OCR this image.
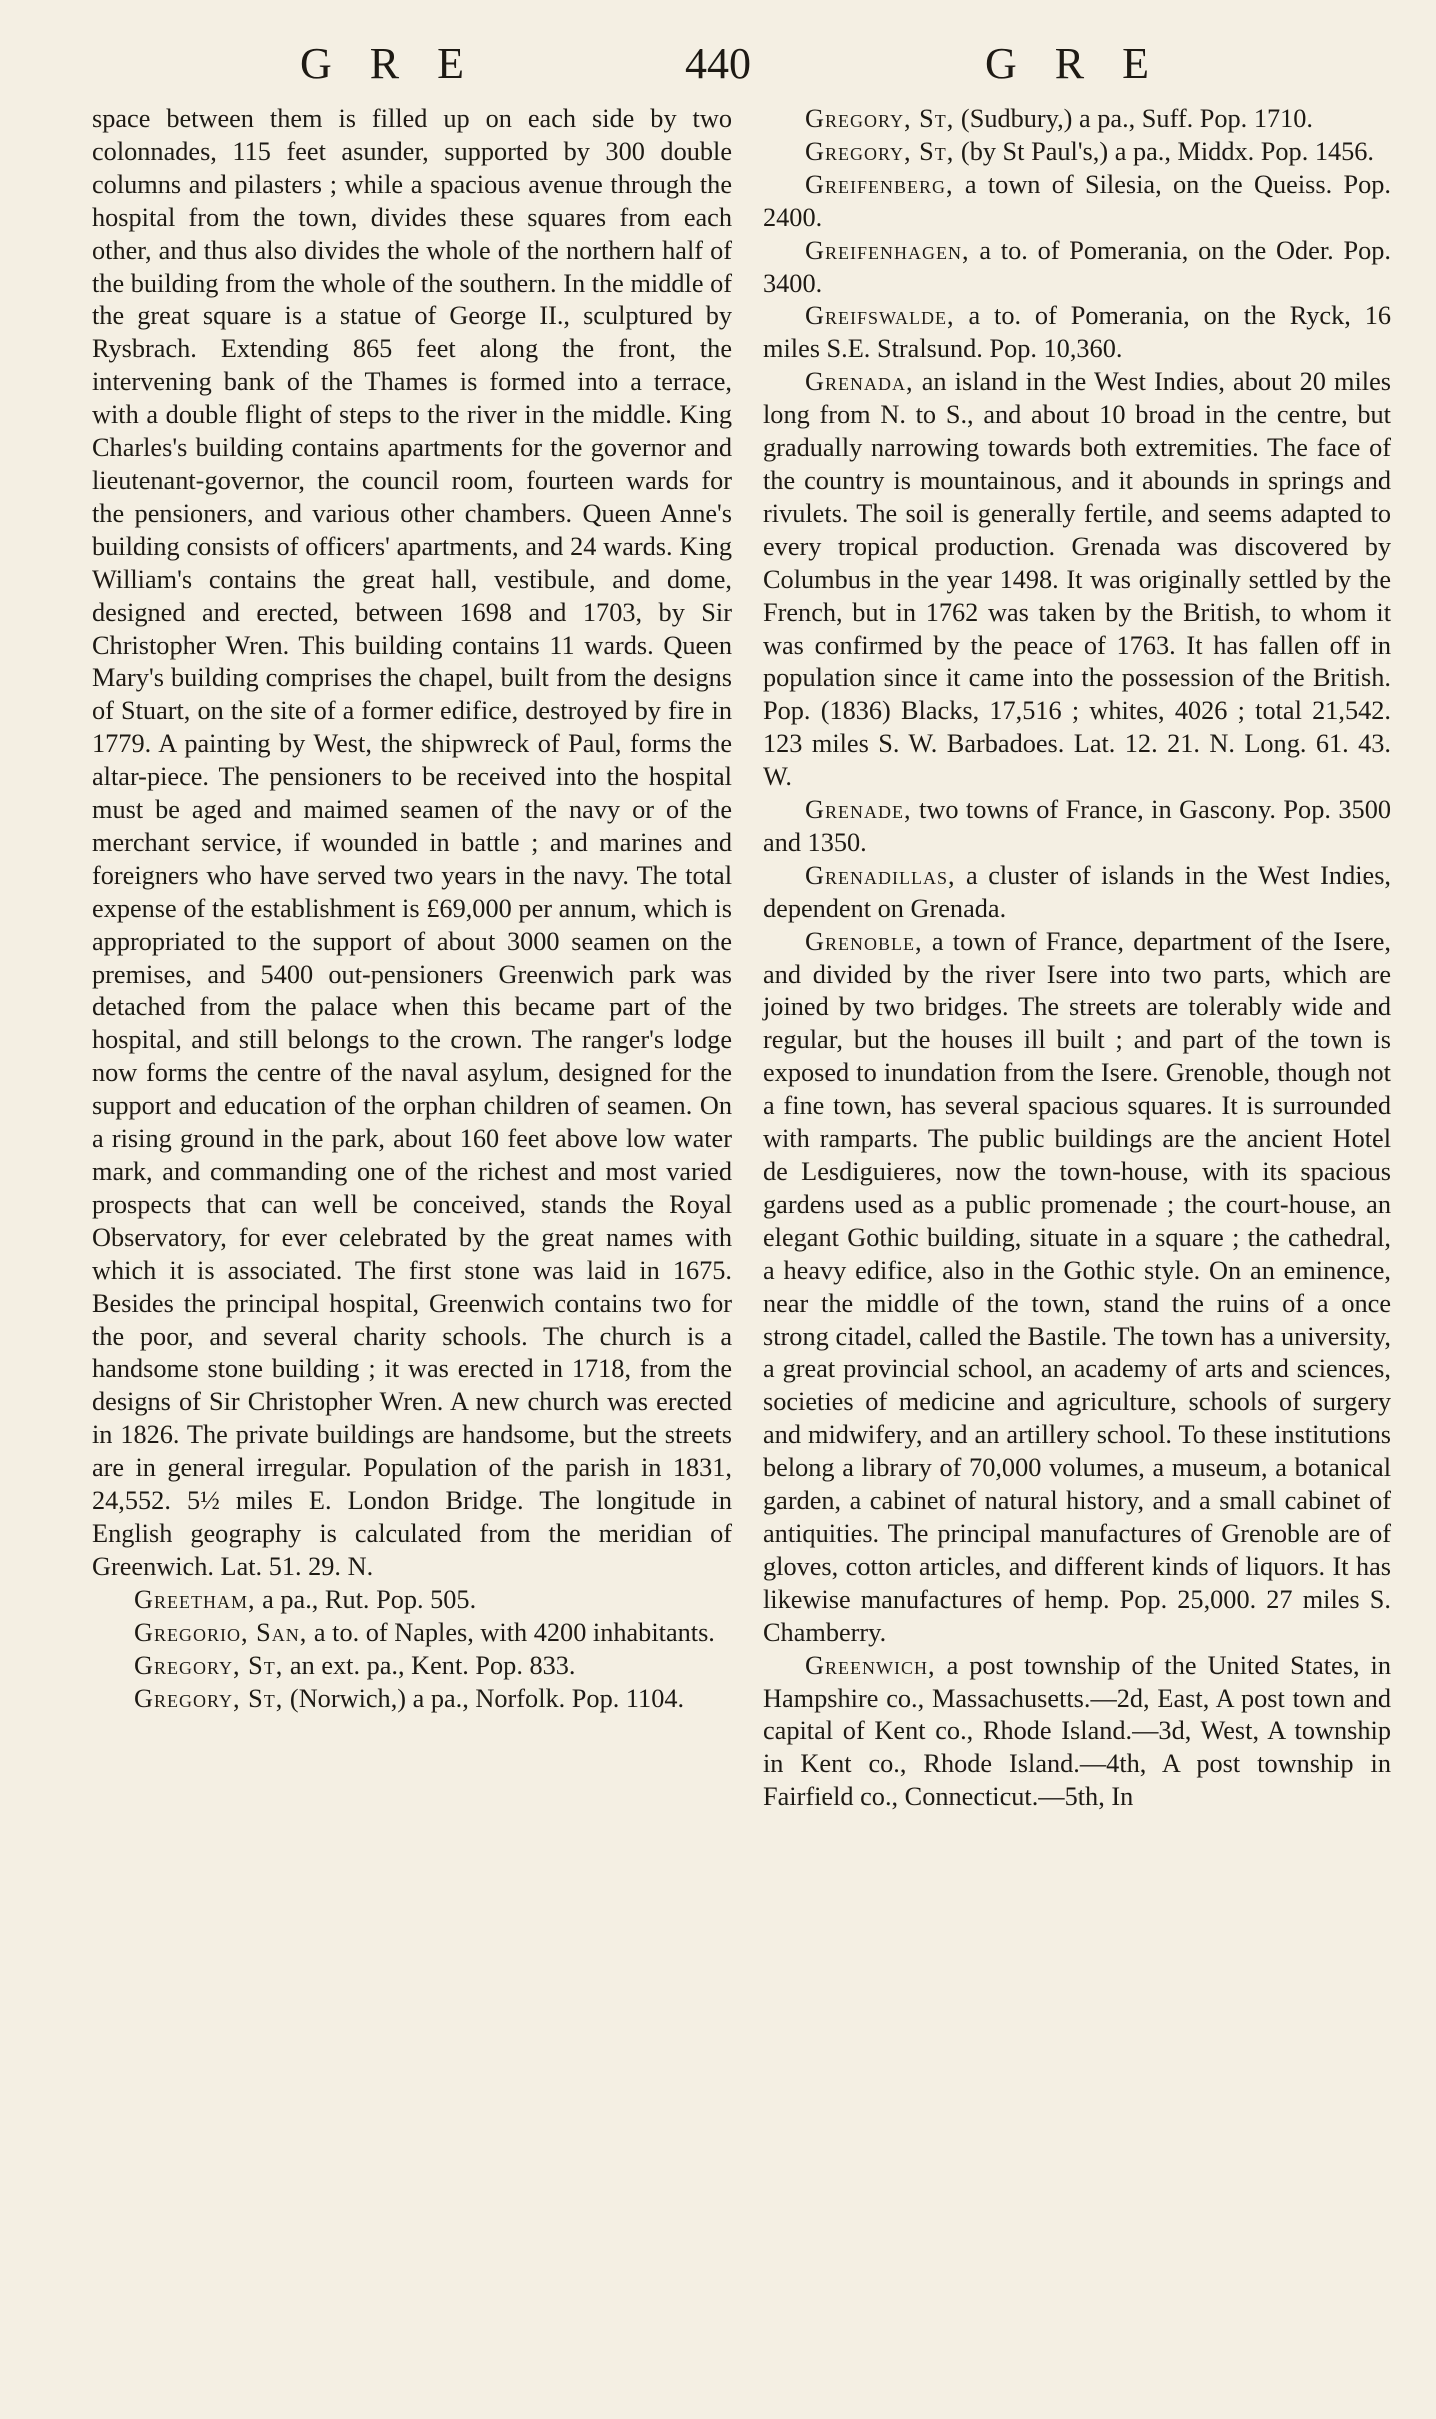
GRE	440	GRE

space between them is filled up on each side by two colonnades, 115 feet asunder, supported by 300 double columns and pilasters ; while a spacious avenue through the hospital from the town, divides these squares from each other, and thus also divides the whole of the northern half of the building from the whole of the southern. In the middle of the great square is a statue of George II., sculptured by Rysbrach. Extending 865 feet along the front, the intervening bank of the Thames is formed into a terrace, with a double flight of steps to the river in the middle. King Charles's building contains apartments for the governor and lieutenant-governor, the council room, fourteen wards for the pensioners, and various other chambers. Queen Anne's building consists of officers' apartments, and 24 wards. King William's contains the great hall, vestibule, and dome, designed and erected, between 1698 and 1703, by Sir Christopher Wren. This building contains 11 wards. Queen Mary's building comprises the chapel, built from the designs of Stuart, on the site of a former edifice, destroyed by fire in 1779. A painting by West, the shipwreck of Paul, forms the altar-piece. The pensioners to be received into the hospital must be aged and maimed seamen of the navy or of the merchant service, if wounded in battle ; and marines and foreigners who have served two years in the navy. The total expense of the establishment is £69,000 per annum, which is appropriated to the support of about 3000 seamen on the premises, and 5400 out-pensioners Greenwich park was detached from the palace when this became part of the hospital, and still belongs to the crown. The ranger's lodge now forms the centre of the naval asylum, designed for the support and education of the orphan children of seamen. On a rising ground in the park, about 160 feet above low water mark, and commanding one of the richest and most varied prospects that can well be conceived, stands the Royal Observatory, for ever celebrated by the great names with which it is associated. The first stone was laid in 1675. Besides the principal hospital, Greenwich contains two for the poor, and several charity schools. The church is a handsome stone building ; it was erected in 1718, from the designs of Sir Christopher Wren. A new church was erected in 1826. The private buildings are handsome, but the streets are in general irregular. Population of the parish in 1831, 24,552. 5½ miles E. London Bridge. The longitude in English geography is calculated from the meridian of Greenwich. Lat. 51. 29. N.

Greetham, a pa., Rut. Pop. 505.

Gregorio, San, a to. of Naples, with 4200 inhabitants.

Gregory, St, an ext. pa., Kent. Pop. 833.

Gregory, St, (Norwich,) a pa., Norfolk. Pop. 1104.

Gregory, St, (Sudbury,) a pa., Suff. Pop. 1710.

Gregory, St, (by St Paul's,) a pa., Middx. Pop. 1456.

Greifenberg, a town of Silesia, on the Queiss. Pop. 2400.

Greifenhagen, a to. of Pomerania, on the Oder. Pop. 3400.

Greifswalde, a to. of Pomerania, on the Ryck, 16 miles S.E. Stralsund. Pop. 10,360.

Grenada, an island in the West Indies, about 20 miles long from N. to S., and about 10 broad in the centre, but gradually narrowing towards both extremities. The face of the country is mountainous, and it abounds in springs and rivulets. The soil is generally fertile, and seems adapted to every tropical production. Grenada was discovered by Columbus in the year 1498. It was originally settled by the French, but in 1762 was taken by the British, to whom it was confirmed by the peace of 1763. It has fallen off in population since it came into the possession of the British. Pop. (1836) Blacks, 17,516 ; whites, 4026 ; total 21,542. 123 miles S. W. Barbadoes. Lat. 12. 21. N. Long. 61. 43. W.

Grenade, two towns of France, in Gascony. Pop. 3500 and 1350.

Grenadillas, a cluster of islands in the West Indies, dependent on Grenada.

Grenoble, a town of France, department of the Isere, and divided by the river Isere into two parts, which are joined by two bridges. The streets are tolerably wide and regular, but the houses ill built ; and part of the town is exposed to inundation from the Isere. Grenoble, though not a fine town, has several spacious squares. It is surrounded with ramparts. The public buildings are the ancient Hotel de Lesdiguieres, now the town-house, with its spacious gardens used as a public promenade ; the court-house, an elegant Gothic building, situate in a square ; the cathedral, a heavy edifice, also in the Gothic style. On an eminence, near the middle of the town, stand the ruins of a once strong citadel, called the Bastile. The town has a university, a great provincial school, an academy of arts and sciences, societies of medicine and agriculture, schools of surgery and midwifery, and an artillery school. To these institutions belong a library of 70,000 volumes, a museum, a botanical garden, a cabinet of natural history, and a small cabinet of antiquities. The principal manufactures of Grenoble are of gloves, cotton articles, and different kinds of liquors. It has likewise manufactures of hemp. Pop. 25,000. 27 miles S. Chamberry.

Greenwich, a post township of the United States, in Hampshire co., Massachusetts.—2d, East, A post town and capital of Kent co., Rhode Island.—3d, West, A township in Kent co., Rhode Island.—4th, A post township in Fairfield co., Connecticut.—5th, In
